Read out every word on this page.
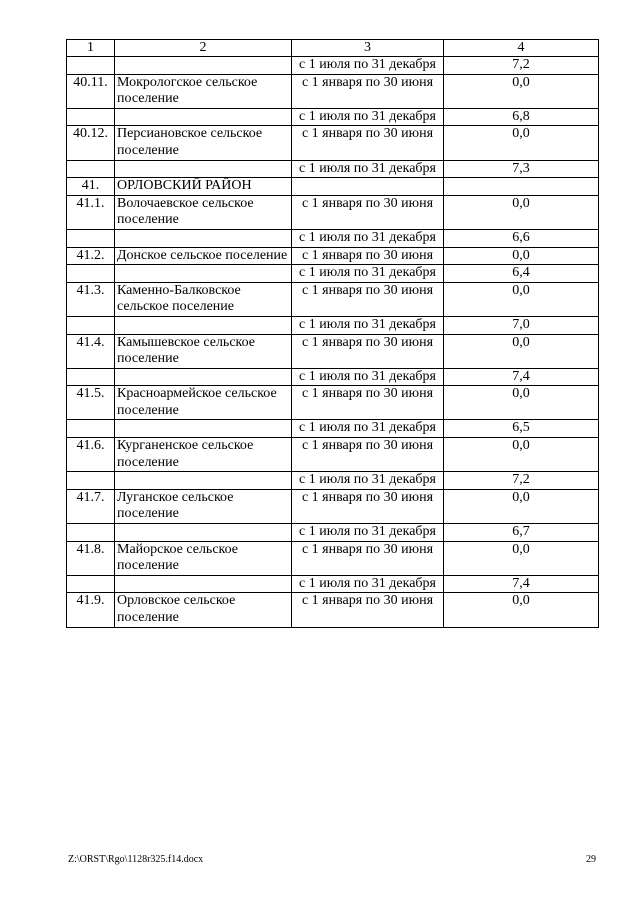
1	2	3	4
		с 1 июля по 31 декабря	7,2
40.11.	Мокрологское сельское поселение	с 1 января по 30 июня	0,0
		с 1 июля по 31 декабря	6,8
40.12.	Персиановское сельское поселение	с 1 января по 30 июня	0,0
		с 1 июля по 31 декабря	7,3
41.	ОРЛОВСКИЙ РАЙОН		
41.1.	Волочаевское сельское поселение	с 1 января по 30 июня	0,0
		с 1 июля по 31 декабря	6,6
41.2.	Донское сельское поселение	с 1 января по 30 июня	0,0
		с 1 июля по 31 декабря	6,4
41.3.	Каменно-Балковское сельское поселение	с 1 января по 30 июня	0,0
		с 1 июля по 31 декабря	7,0
41.4.	Камышевское сельское поселение	с 1 января по 30 июня	0,0
		с 1 июля по 31 декабря	7,4
41.5.	Красноармейское сельское поселение	с 1 января по 30 июня	0,0
		с 1 июля по 31 декабря	6,5
41.6.	Курганенское сельское поселение	с 1 января по 30 июня	0,0
		с 1 июля по 31 декабря	7,2
41.7.	Луганское сельское поселение	с 1 января по 30 июня	0,0
		с 1 июля по 31 декабря	6,7
41.8.	Майорское сельское поселение	с 1 января по 30 июня	0,0
		с 1 июля по 31 декабря	7,4
41.9.	Орловское сельское поселение	с 1 января по 30 июня	0,0
Z:\ORST\Rgo\1128r325.f14.docx	29
